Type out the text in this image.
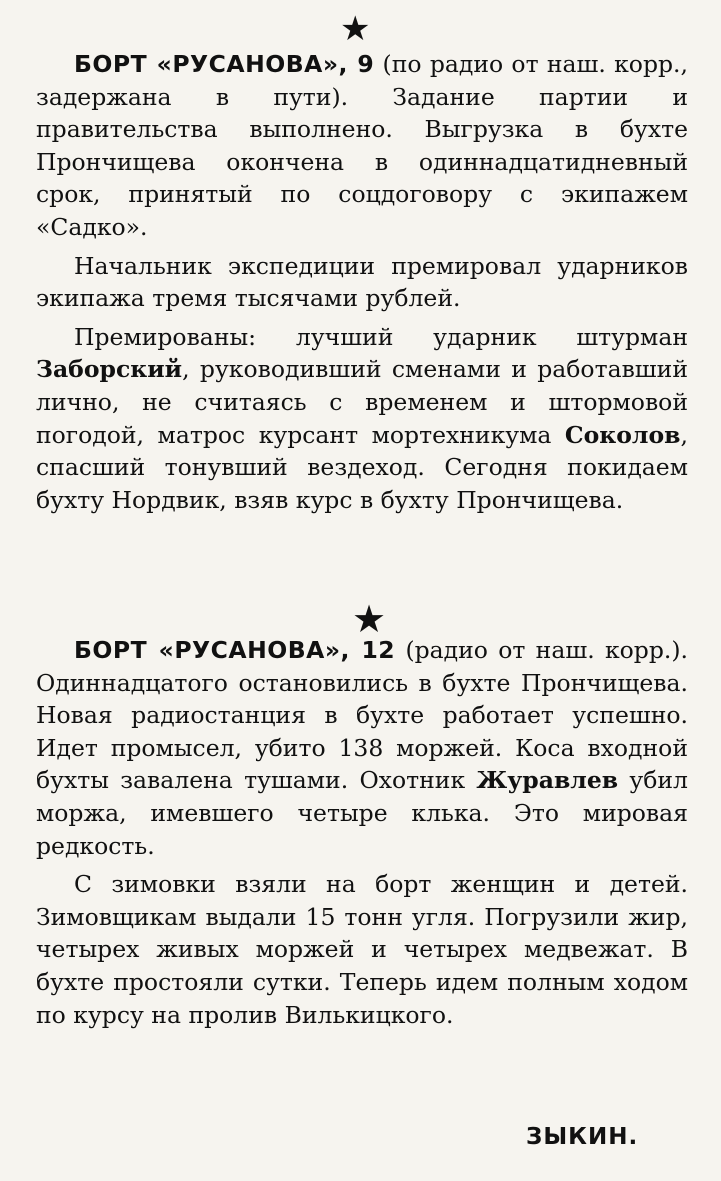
★

БОРТ «РУСАНОВА», 9 (по радио от наш. корр., задержана в пути). Задание партии и правительства выполнено. Выгрузка в бухте Прончищева окончена в одиннадцатидневный срок, принятый по соцдоговору с экипажем «Садко».

Начальник экспедиции премировал ударников экипажа тремя тысячами рублей.

Премированы: лучший ударник штурман Заборский, руководивший сменами и работавший лично, не считаясь с временем и штормовой погодой, матрос курсант мортехникума Соколов, спасший тонувший вездеход. Сегодня покидаем бухту Нордвик, взяв курс в бухту Прончищева.

★

БОРТ «РУСАНОВА», 12 (радио от наш. корр.). Одиннадцатого остановились в бухте Прончищева. Новая радиостанция в бухте работает успешно. Идет промысел, убито 138 моржей. Коса входной бухты завалена тушами. Охотник Журавлев убил моржа, имевшего четыре клька. Это мировая редкость.

С зимовки взяли на борт женщин и детей. Зимовщикам выдали 15 тонн угля. Погрузили жир, четырех живых моржей и четырех медвежат. В бухте простояли сутки. Теперь идем полным ходом по курсу на пролив Вилькицкого.

ЗЫКИН.
